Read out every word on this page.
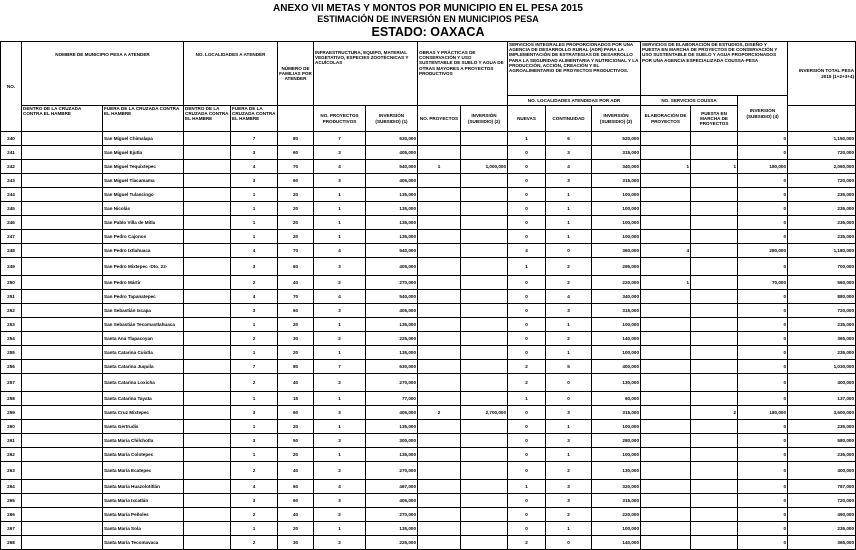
ANEXO VII METAS Y MONTOS POR MUNICIPIO EN EL PESA 2015
ESTIMACIÓN DE INVERSIÓN EN MUNICIPIOS PESA
ESTADO: OAXACA
NO.	NOMBRE DE MUNICIPIO PESA A ATENDER		NO. LOCALIDADES A ATENDER		NÚMERO DE FAMILIAS POR ATENDER	INFRAESTRUCTURA, EQUIPO, MATERIAL VEGETATIVO, ESPECIES ZOOTÉCNICAS Y ACUÍCOLAS		OBRAS Y PRÁCTICAS DE CONSERVACIÓN Y USO SUSTENTABLE DE SUELO Y AGUA DE OTRAS MAYORES A PROYECTOS PRODUCTIVOS		SERVICIOS INTEGRALES PROPORCIONADOS POR UNA AGENCIA DE DESARROLLO RURAL (ADR) PARA LA IMPLEMENTACIÓN DE ESTRATEGIAS DE DESARROLLO PARA LA SEGURIDAD ALIMENTARIA Y NUTRICIONAL Y LA PRODUCCIÓN, ACCIÓN, CREACIÓN Y EL AGROALIMENTARIO DE PROYECTOS PRODUCTIVOS.			SERVICIOS DE ELABORACIÓN DE ESTUDIOS, DISEÑO Y PUESTA EN MARCHA DE PROYECTOS DE CONSERVACIÓN Y USO SUSTENTABLE DE SUELO Y AGUA PROPORCIONADOS POR UNA AGENCIA ESPECIALIZADA COUSSA-PESA			INVERSIÓN TOTAL PESA 2015 (1+2+3+4)
										NO. LOCALIDADES ATENDIDAS POR ADR			NO. SERVICIOS COUSSA		INVERSIÓN (SUBSIDIO) (4)	
	DENTRO DE LA CRUZADA CONTRA EL HAMBRE	FUERA DE LA CRUZADA CONTRA EL HAMBRE	DENTRO DE LA CRUZADA CONTRA EL HAMBRE	FUERA DE LA CRUZADA CONTRA EL HAMBRE		NO. PROYECTOS PRODUCTIVOS	INVERSIÓN (SUBSIDIO) (1)	NO. PROYECTOS	INVERSIÓN (SUBSIDIO) (2)	NUEVAS	CONTINUIDAD	INVERSIÓN (SUBSIDIO) (3)	ELABORACIÓN DE PROYECTOS	PUESTA EN MARCHA DE PROYECTOS		
240		San Miguel Chimalapa		7	80	7	630,000			1	6	520,000			0	1,150,000
241		San Miguel Ejutla		3	60	3	405,000			0	3	315,000			0	720,000
242		San Miguel Tequixtepec		4	70	4	540,000	1	1,000,000	0	4	340,000	1	1	180,000	2,060,000
243		San Miguel Tlacamama		3	60	3	405,000			0	3	315,000			0	720,000
244		San Miguel Tulancingo		1	20	1	135,000			0	1	100,000			0	235,000
245		San Nicolás		1	20	1	135,000			0	1	100,000			0	235,000
246		San Pablo Villa de Mitla		1	20	1	135,000			0	1	100,000			0	235,000
247		San Pedro Cajonos		1	20	1	135,000			0	1	100,000			0	235,000
248		San Pedro Ixtlahuaca		4	70	4	540,000			4	0	360,000	4		280,000	1,180,000
249		San Pedro Mixtepec -Dto. 22-		3	60	3	405,000			1	2	295,000			0	700,000
250		San Pedro Mártir		2	40	2	270,000			0	2	220,000	1		70,000	560,000
251		San Pedro Tapanatepec		4	70	4	540,000			0	4	340,000			0	880,000
252		San Sebastián Ixcapa		3	60	3	405,000			0	3	315,000			0	720,000
253		San Sebastián Tecomaxtlahuaca		1	20	1	135,000			0	1	100,000			0	235,000
254		Santa Ana Tlapacoyan		2	30	2	225,000			0	2	140,000			0	365,000
255		Santa Catarina Cuixtla		1	20	1	135,000			0	1	100,000			0	235,000
256		Santa Catarina Juquila		7	80	7	630,000			2	5	400,000			0	1,030,000
257		Santa Catarina Loxicha		2	40	2	270,000			2	0	130,000			0	400,000
258		Santa Catarina Tayata		1	15	1	77,000			1	0	60,000			0	137,000
259		Santa Cruz Mixtepec		3	60	3	405,000	2	2,700,000	0	3	315,000		2	180,000	3,600,000
260		Santa Gertrudis		1	20	1	135,000			0	1	100,000			0	235,000
261		Santa María Chilchotla		3	50	3	300,000			0	3	280,000			0	580,000
262		Santa María Colotepec		1	20	1	135,000			0	1	100,000			0	235,000
263		Santa María Ecatepec		2	40	2	270,000			0	2	130,000			0	400,000
264		Santa María Huazolotitlán		4	60	4	467,000			1	3	320,000			0	787,000
265		Santa María Ixcatlán		3	60	3	405,000			0	3	315,000			0	720,000
266		Santa María Peñoles		2	40	2	270,000			0	2	220,000			0	490,000
267		Santa María Sola		1	20	1	135,000			0	1	100,000			0	235,000
268		Santa María Tecomavaca		2	30	2	225,000			2	0	140,000			0	365,000
